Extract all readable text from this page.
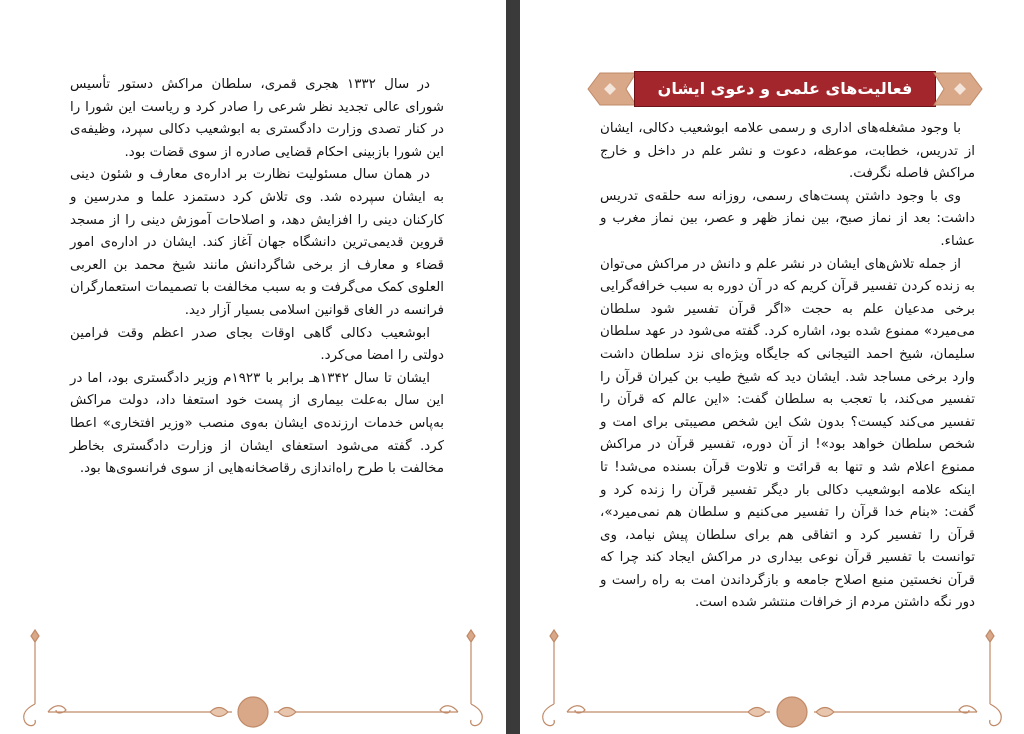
در سال ۱۳۳۲ هجری قمری، سلطان مراکش دستور تأسیس شورای عالی تجدید نظر شرعی را صادر کرد و ریاست این شورا را در کنار تصدی وزارت دادگستری به ابوشعیب دکالی سپرد، وظیفه‌ی این شورا بازبینی احکام قضایی صادره از سوی قضات بود.

در همان سال مسئولیت نظارت بر اداره‌ی معارف و شئون دینی به ایشان سپرده شد. وی تلاش کرد دستمزد علما و مدرسین و کارکنان دینی را افزایش دهد، و اصلاحات آموزش دینی را از مسجد قروین قدیمی‌ترین دانشگاه جهان آغاز کند. ایشان در اداره‌ی امور قضاء و معارف از برخی شاگردانش مانند شیخ محمد بن العربی العلوی کمک می‌گرفت و به سبب مخالفت با تصمیمات استعمارگران فرانسه در الغای قوانین اسلامی بسیار آزار دید.

ابوشعیب دکالی گاهی اوقات بجای صدر اعظم وقت فرامین دولتی را امضا می‌کرد.

ایشان تا سال ۱۳۴۲هـ برابر با ۱۹۲۳م وزیر دادگستری بود، اما در این سال به‌علت بیماری از پست خود استعفا داد، دولت مراکش به‌پاس خدمات ارزنده‌ی ایشان به‌وی منصب «وزیر افتخاری» اعطا کرد. گفته می‌شود استعفای ایشان از وزارت دادگستری بخاطر مخالفت با طرح راه‌اندازی رقاصخانه‌هایی از سوی فرانسوی‌ها بود.

۲۱
فعالیت‌های علمی و دعوی ایشان

با وجود مشغله‌های اداری و رسمی علامه ابوشعیب دکالی، ایشان از تدریس، خطابت، موعظه، دعوت و نشر علم در داخل و خارج مراکش فاصله نگرفت.

وی با وجود داشتن پست‌های رسمی، روزانه سه حلقه‌ی تدریس داشت: بعد از نماز صبح، بین نماز ظهر و عصر، بین نماز مغرب و عشاء.

از جمله تلاش‌های ایشان در نشر علم و دانش در مراکش می‌توان به زنده کردن تفسیر قرآن کریم که در آن دوره به سبب خرافه‌گرایی برخی مدعیان علم به حجت «اگر قرآن تفسیر شود سلطان می‌میرد» ممنوع شده بود، اشاره کرد. گفته می‌شود در عهد سلطان سلیمان، شیخ احمد التیجانی که جایگاه ویژه‌ای نزد سلطان داشت وارد برخی مساجد شد. ایشان دید که شیخ طیب بن کیران قرآن را تفسیر می‌کند، با تعجب به سلطان گفت: «این عالم که قرآن را تفسیر می‌کند کیست؟ بدون شک این شخص مصیبتی برای امت و شخص سلطان خواهد بود»! از آن دوره، تفسیر قرآن در مراکش ممنوع اعلام شد و تنها به قرائت و تلاوت قرآن بسنده می‌شد! تا اینکه علامه ابوشعیب دکالی بار دیگر تفسیر قرآن را زنده کرد و گفت: «بنام خدا قرآن را تفسیر می‌کنیم و سلطان هم نمی‌میرد»، قرآن را تفسیر کرد و اتفاقی هم برای سلطان پیش نیامد، وی توانست با تفسیر قرآن نوعی بیداری در مراکش ایجاد کند چرا که قرآن نخستین منبع اصلاح جامعه و بازگرداندن امت به راه راست و دور نگه داشتن مردم از خرافات منتشر شده است.

۲۲
